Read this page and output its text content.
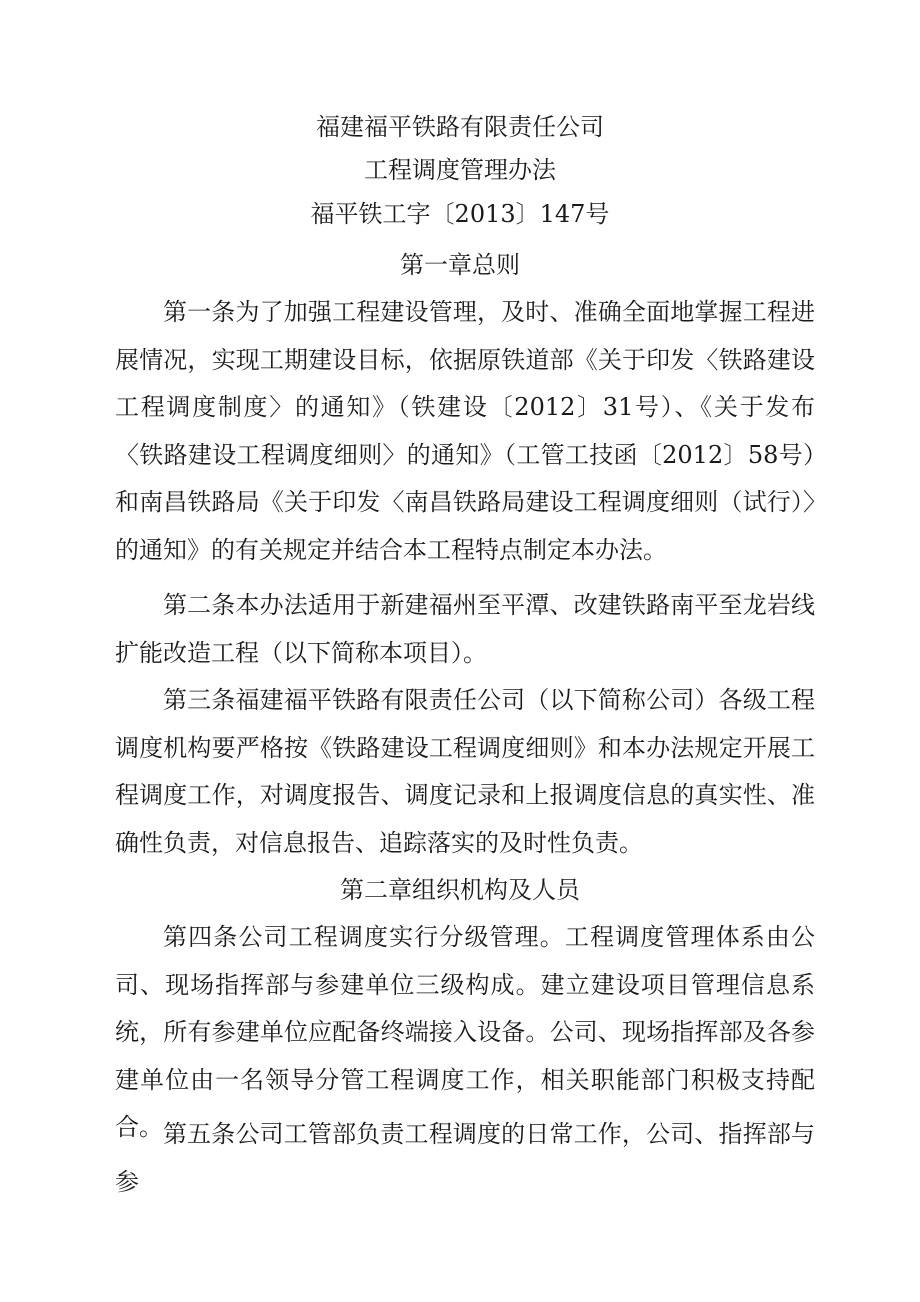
福建福平铁路有限责任公司
工程调度管理办法
福平铁工字〔2013〕147号
第一章总则
第一条为了加强工程建设管理，及时、准确全面地掌握工程进展情况，实现工期建设目标，依据原铁道部《关于印发〈铁路建设工程调度制度〉的通知》（铁建设〔2012〕31号）、《关于发布〈铁路建设工程调度细则〉的通知》（工管工技函〔2012〕58号）和南昌铁路局《关于印发〈南昌铁路局建设工程调度细则（试行）〉的通知》的有关规定并结合本工程特点制定本办法。
第二条本办法适用于新建福州至平潭、改建铁路南平至龙岩线扩能改造工程（以下简称本项目）。
第三条福建福平铁路有限责任公司（以下简称公司）各级工程调度机构要严格按《铁路建设工程调度细则》和本办法规定开展工程调度工作，对调度报告、调度记录和上报调度信息的真实性、准确性负责，对信息报告、追踪落实的及时性负责。
第二章组织机构及人员
第四条公司工程调度实行分级管理。工程调度管理体系由公司、现场指挥部与参建单位三级构成。建立建设项目管理信息系统，所有参建单位应配备终端接入设备。公司、现场指挥部及各参建单位由一名领导分管工程调度工作，相关职能部门积极支持配合。 第五条公司工管部负责工程调度的日常工作，公司、指挥部与参
